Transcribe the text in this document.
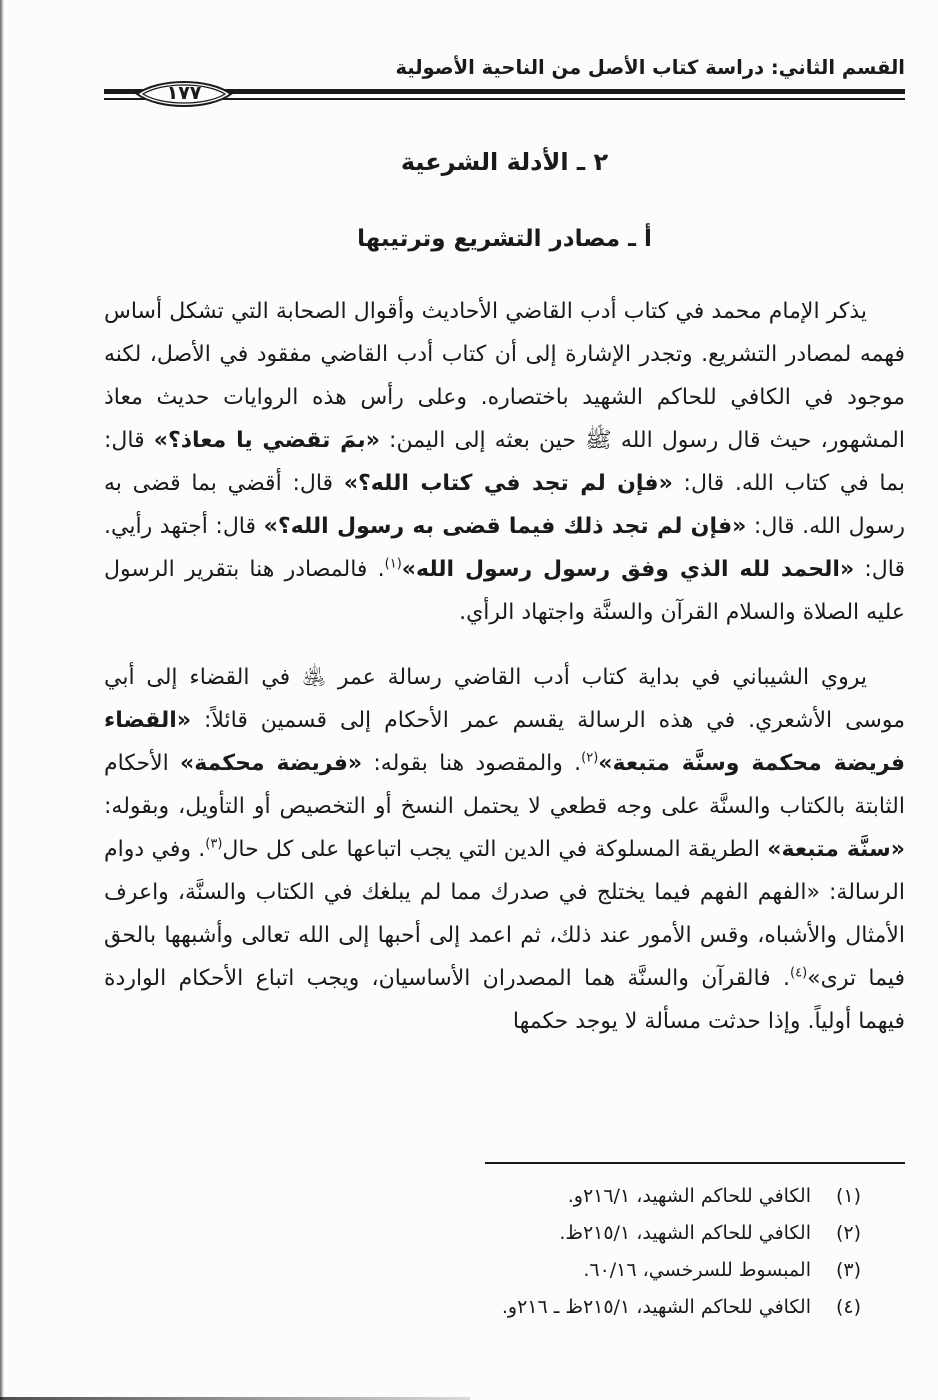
القسم الثاني: دراسة كتاب الأصل من الناحية الأصولية
١٧٧
٢ ـ الأدلة الشرعية
أ ـ مصادر التشريع وترتيبها

يذكر الإمام محمد في كتاب أدب القاضي الأحاديث وأقوال الصحابة التي تشكل أساس فهمه لمصادر التشريع. وتجدر الإشارة إلى أن كتاب أدب القاضي مفقود في الأصل، لكنه موجود في الكافي للحاكم الشهيد باختصاره. وعلى رأس هذه الروايات حديث معاذ المشهور، حيث قال رسول الله ﷺ حين بعثه إلى اليمن: «بمَ تقضي يا معاذ؟» قال: بما في كتاب الله. قال: «فإن لم تجد في كتاب الله؟» قال: أقضي بما قضى به رسول الله. قال: «فإن لم تجد ذلك فيما قضى به رسول الله؟» قال: أجتهد رأيي. قال: «الحمد لله الذي وفق رسول رسول الله»$^{(١)}$. فالمصادر هنا بتقرير الرسول عليه الصلاة والسلام القرآن والسنَّة واجتهاد الرأي.

يروي الشيباني في بداية كتاب أدب القاضي رسالة عمر ﵁ في القضاء إلى أبي موسى الأشعري. في هذه الرسالة يقسم عمر الأحكام إلى قسمين قائلاً: «القضاء فريضة محكمة وسنَّة متبعة»$^{(٢)}$. والمقصود هنا بقوله: «فريضة محكمة» الأحكام الثابتة بالكتاب والسنَّة على وجه قطعي لا يحتمل النسخ أو التخصيص أو التأويل، وبقوله: «سنَّة متبعة» الطريقة المسلوكة في الدين التي يجب اتباعها على كل حال$^{(٣)}$. وفي دوام الرسالة: «الفهم الفهم فيما يختلج في صدرك مما لم يبلغك في الكتاب والسنَّة، واعرف الأمثال والأشباه، وقس الأمور عند ذلك، ثم اعمد إلى أحبها إلى الله تعالى وأشبهها بالحق فيما ترى»$^{(٤)}$. فالقرآن والسنَّة هما المصدران الأساسيان، ويجب اتباع الأحكام الواردة فيهما أولياً. وإذا حدثت مسألة لا يوجد حكمها

(١)
الكافي للحاكم الشهيد، ٢١٦/١و.
(٢)
الكافي للحاكم الشهيد، ٢١٥/١ظ.
(٣)
المبسوط للسرخسي، ٦٠/١٦.
(٤)
الكافي للحاكم الشهيد، ٢١٥/١ظ ـ ٢١٦و.
